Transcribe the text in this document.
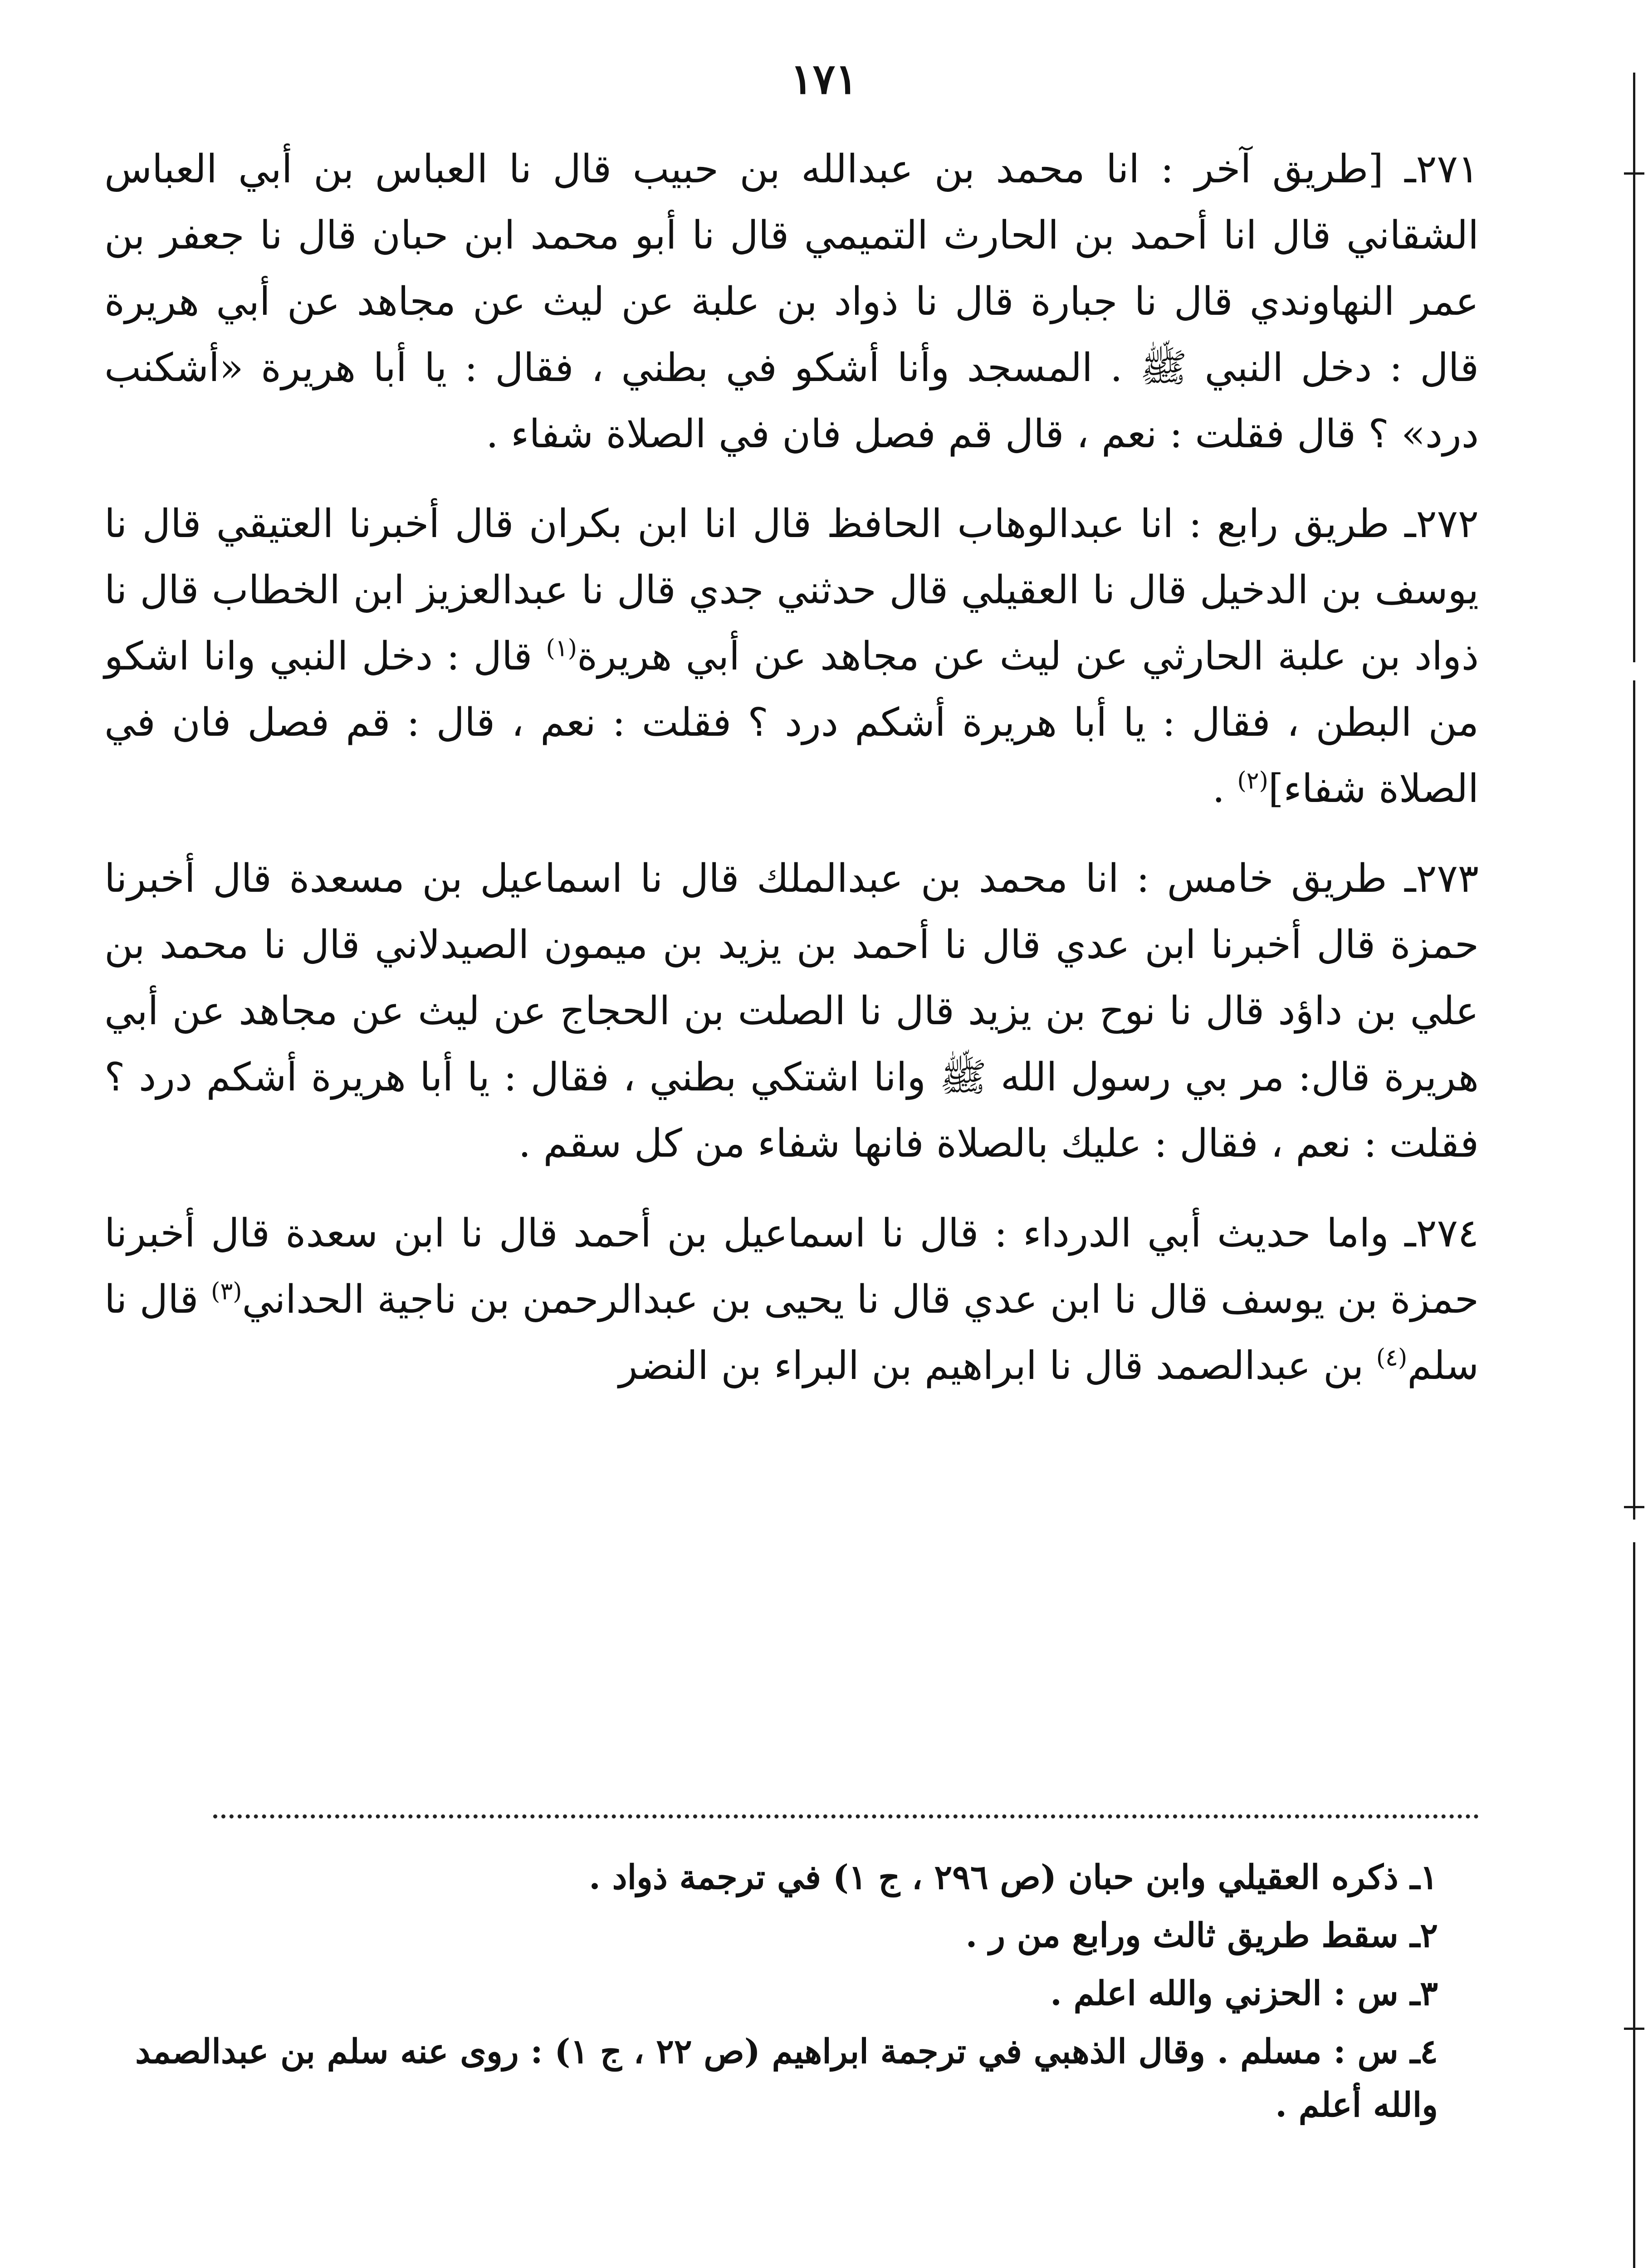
١٧١

٢٧١ـ [طريق آخر : انا محمد بن عبدالله بن حبيب قال نا العباس بن أبي العباس الشقاني قال انا أحمد بن الحارث التميمي قال نا أبو محمد ابن حبان قال نا جعفر بن عمر النهاوندي قال نا جبارة قال نا ذواد بن علبة عن ليث عن مجاهد عن أبي هريرة قال : دخل النبي ﷺ . المسجد وأنا أشكو في بطني ، فقال : يا أبا هريرة «أشكنب درد» ؟ قال فقلت : نعم ، قال قم فصل فان في الصلاة شفاء .

٢٧٢ـ طريق رابع : انا عبدالوهاب الحافظ قال انا ابن بكران قال أخبرنا العتيقي قال نا يوسف بن الدخيل قال نا العقيلي قال حدثني جدي قال نا عبدالعزيز ابن الخطاب قال نا ذواد بن علبة الحارثي عن ليث عن مجاهد عن أبي هريرة$^{(١)}$ قال : دخل النبي وانا اشكو من البطن ، فقال : يا أبا هريرة أشكم درد ؟ فقلت : نعم ، قال : قم فصل فان في الصلاة شفاء]$^{(٢)}$ .

٢٧٣ـ طريق خامس : انا محمد بن عبدالملك قال نا اسماعيل بن مسعدة قال أخبرنا حمزة قال أخبرنا ابن عدي قال نا أحمد بن يزيد بن ميمون الصيدلاني قال نا محمد بن علي بن داؤد قال نا نوح بن يزيد قال نا الصلت بن الحجاج عن ليث عن مجاهد عن أبي هريرة قال: مر بي رسول الله ﷺ وانا اشتكي بطني ، فقال : يا أبا هريرة أشكم درد ؟ فقلت : نعم ، فقال : عليك بالصلاة فانها شفاء من كل سقم .

٢٧٤ـ واما حديث أبي الدرداء : قال نا اسماعيل بن أحمد قال نا ابن سعدة قال أخبرنا حمزة بن يوسف قال نا ابن عدي قال نا يحيى بن عبدالرحمن بن ناجية الحداني$^{(٣)}$ قال نا سلم$^{(٤)}$ بن عبدالصمد قال نا ابراهيم بن البراء بن النضر

١ـ ذكره العقيلي وابن حبان (ص ٢٩٦ ، ج ١) في ترجمة ذواد .

٢ـ سقط طريق ثالث ورابع من ر .

٣ـ س : الحزني والله اعلم .

٤ـ س : مسلم . وقال الذهبي في ترجمة ابراهيم (ص ٢٢ ، ج ١) : روى عنه سلم بن عبدالصمد والله أعلم .
